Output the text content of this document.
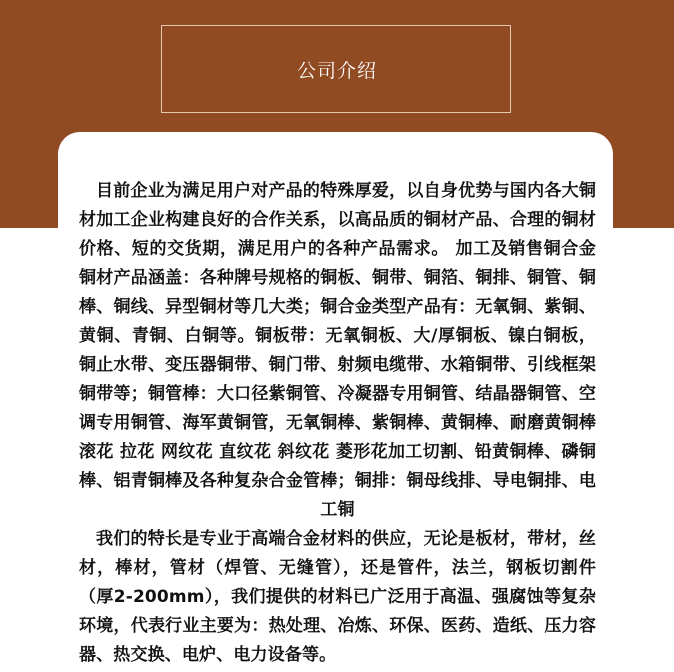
公司介绍

目前企业为满足用户对产品的特殊厚爱，以自身优势与国内各大铜材加工企业构建良好的合作关系，以高品质的铜材产品、合理的铜材价格、短的交货期，满足用户的各种产品需求。 加工及销售铜合金铜材产品涵盖：各种牌号规格的铜板、铜带、铜箔、铜排、铜管、铜棒、铜线、异型铜材等几大类；铜合金类型产品有：无氧铜、紫铜、黄铜、青铜、白铜等。铜板带：无氧铜板、大/厚铜板、镍白铜板，铜止水带、变压器铜带、铜门带、射频电缆带、水箱铜带、引线框架铜带等；铜管棒：大口径紫铜管、冷凝器专用铜管、结晶器铜管、空调专用铜管、海军黄铜管，无氧铜棒、紫铜棒、黄铜棒、耐磨黄铜棒滚花 拉花 网纹花 直纹花 斜纹花 菱形花加工切割、铅黄铜棒、磷铜棒、铝青铜棒及各种复杂合金管棒；铜排：铜母线排、导电铜排、电工铜

我们的特长是专业于高端合金材料的供应，无论是板材，带材，丝材，棒材，管材（焊管、无缝管），还是管件，法兰，钢板切割件（厚2-200mm），我们提供的材料已广泛用于高温、强腐蚀等复杂环境，代表行业主要为：热处理、冶炼、环保、医药、造纸、压力容器、热交换、电炉、电力设备等。
